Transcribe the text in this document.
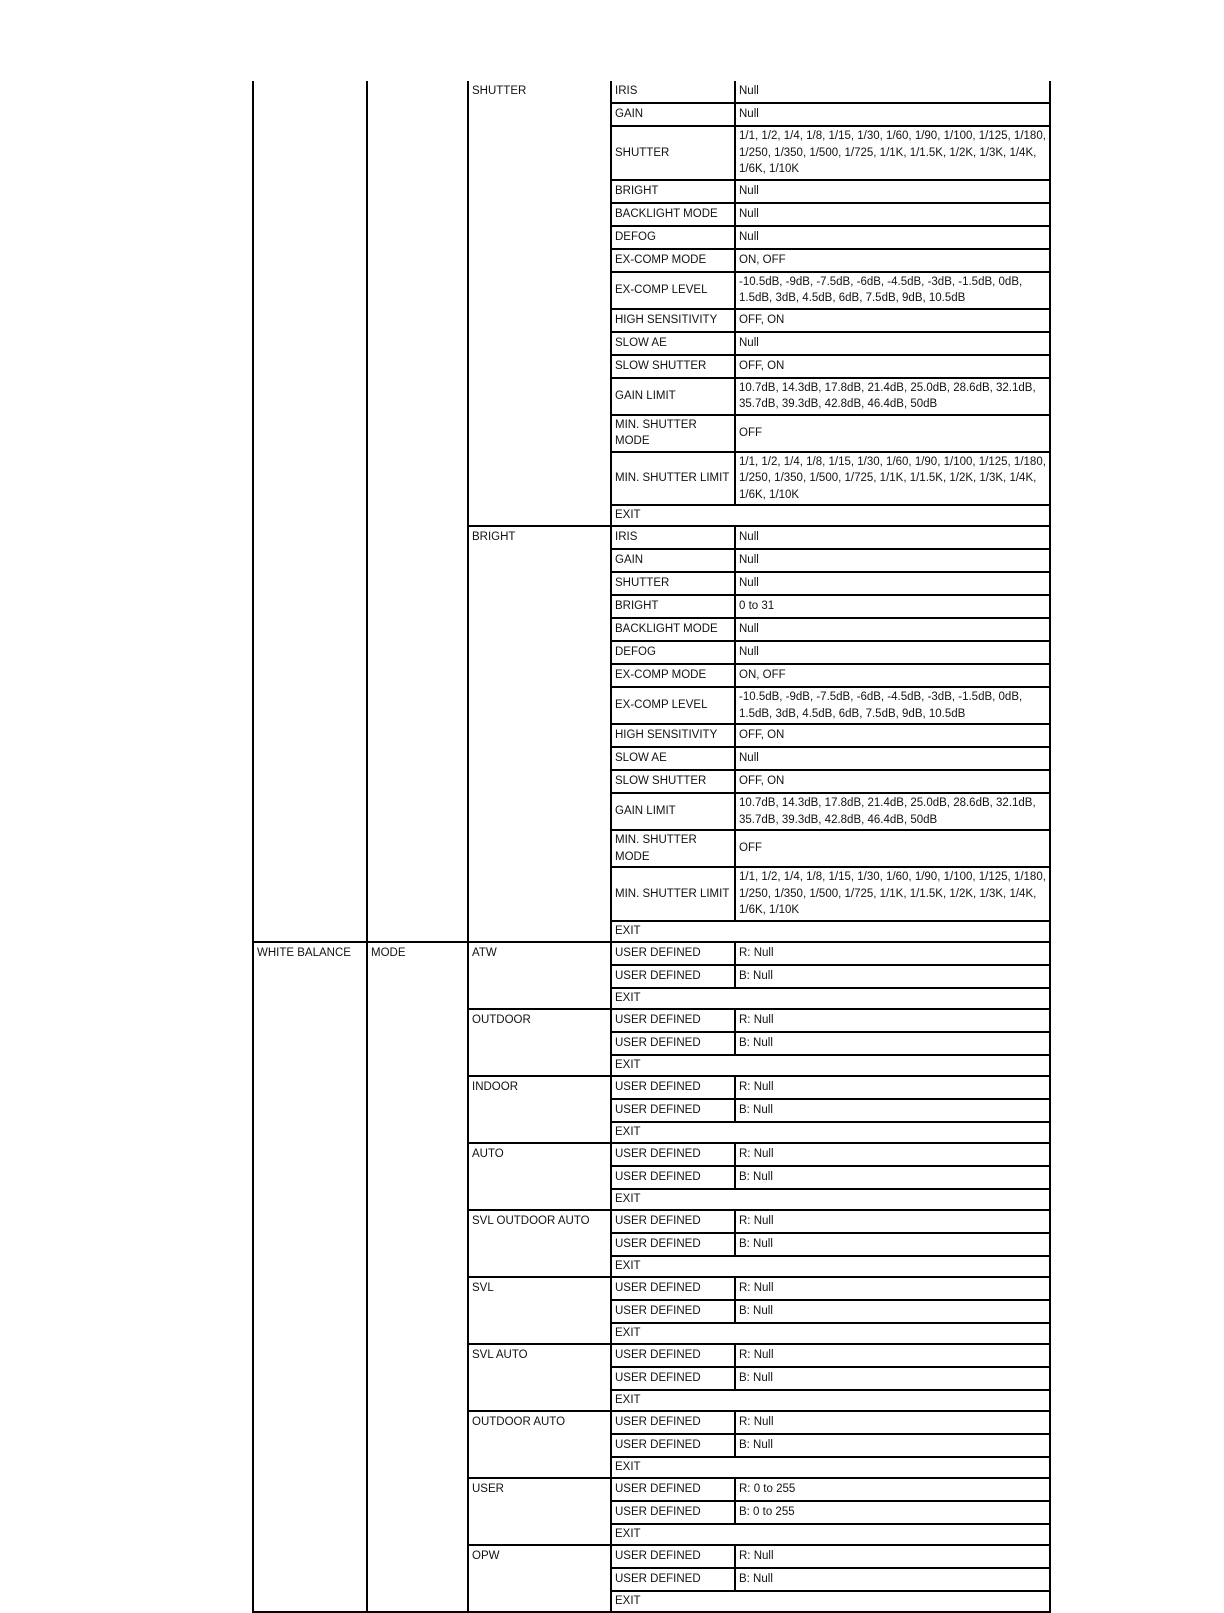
		SHUTTER	IRIS	Null
			GAIN	Null
			SHUTTER	1/1, 1/2, 1/4, 1/8, 1/15, 1/30, 1/60, 1/90, 1/100, 1/125, 1/180, 1/250, 1/350, 1/500, 1/725, 1/1K, 1/1.5K, 1/2K, 1/3K, 1/4K, 1/6K, 1/10K
			BRIGHT	Null
			BACKLIGHT MODE	Null
			DEFOG	Null
			EX-COMP MODE	ON, OFF
			EX-COMP LEVEL	-10.5dB, -9dB, -7.5dB, -6dB, -4.5dB, -3dB, -1.5dB, 0dB, 1.5dB, 3dB, 4.5dB, 6dB, 7.5dB, 9dB, 10.5dB
			HIGH SENSITIVITY	OFF, ON
			SLOW AE	Null
			SLOW SHUTTER	OFF, ON
			GAIN LIMIT	10.7dB, 14.3dB, 17.8dB, 21.4dB, 25.0dB, 28.6dB, 32.1dB, 35.7dB, 39.3dB, 42.8dB, 46.4dB, 50dB
			MIN. SHUTTER MODE	OFF
			MIN. SHUTTER LIMIT	1/1, 1/2, 1/4, 1/8, 1/15, 1/30, 1/60, 1/90, 1/100, 1/125, 1/180, 1/250, 1/350, 1/500, 1/725, 1/1K, 1/1.5K, 1/2K, 1/3K, 1/4K, 1/6K, 1/10K
			EXIT	
		BRIGHT	IRIS	Null
			GAIN	Null
			SHUTTER	Null
			BRIGHT	0 to 31
			BACKLIGHT MODE	Null
			DEFOG	Null
			EX-COMP MODE	ON, OFF
			EX-COMP LEVEL	-10.5dB, -9dB, -7.5dB, -6dB, -4.5dB, -3dB, -1.5dB, 0dB, 1.5dB, 3dB, 4.5dB, 6dB, 7.5dB, 9dB, 10.5dB
			HIGH SENSITIVITY	OFF, ON
			SLOW AE	Null
			SLOW SHUTTER	OFF, ON
			GAIN LIMIT	10.7dB, 14.3dB, 17.8dB, 21.4dB, 25.0dB, 28.6dB, 32.1dB, 35.7dB, 39.3dB, 42.8dB, 46.4dB, 50dB
			MIN. SHUTTER MODE	OFF
			MIN. SHUTTER LIMIT	1/1, 1/2, 1/4, 1/8, 1/15, 1/30, 1/60, 1/90, 1/100, 1/125, 1/180, 1/250, 1/350, 1/500, 1/725, 1/1K, 1/1.5K, 1/2K, 1/3K, 1/4K, 1/6K, 1/10K
			EXIT	
WHITE BALANCE	MODE	ATW	USER DEFINED	R: Null
			USER DEFINED	B: Null
			EXIT	
		OUTDOOR	USER DEFINED	R: Null
			USER DEFINED	B: Null
			EXIT	
		INDOOR	USER DEFINED	R: Null
			USER DEFINED	B: Null
			EXIT	
		AUTO	USER DEFINED	R: Null
			USER DEFINED	B: Null
			EXIT	
		SVL OUTDOOR AUTO	USER DEFINED	R: Null
			USER DEFINED	B: Null
			EXIT	
		SVL	USER DEFINED	R: Null
			USER DEFINED	B: Null
			EXIT	
		SVL AUTO	USER DEFINED	R: Null
			USER DEFINED	B: Null
			EXIT	
		OUTDOOR AUTO	USER DEFINED	R: Null
			USER DEFINED	B: Null
			EXIT	
		USER	USER DEFINED	R: 0 to 255
			USER DEFINED	B: 0 to 255
			EXIT	
		OPW	USER DEFINED	R: Null
			USER DEFINED	B: Null
			EXIT	
